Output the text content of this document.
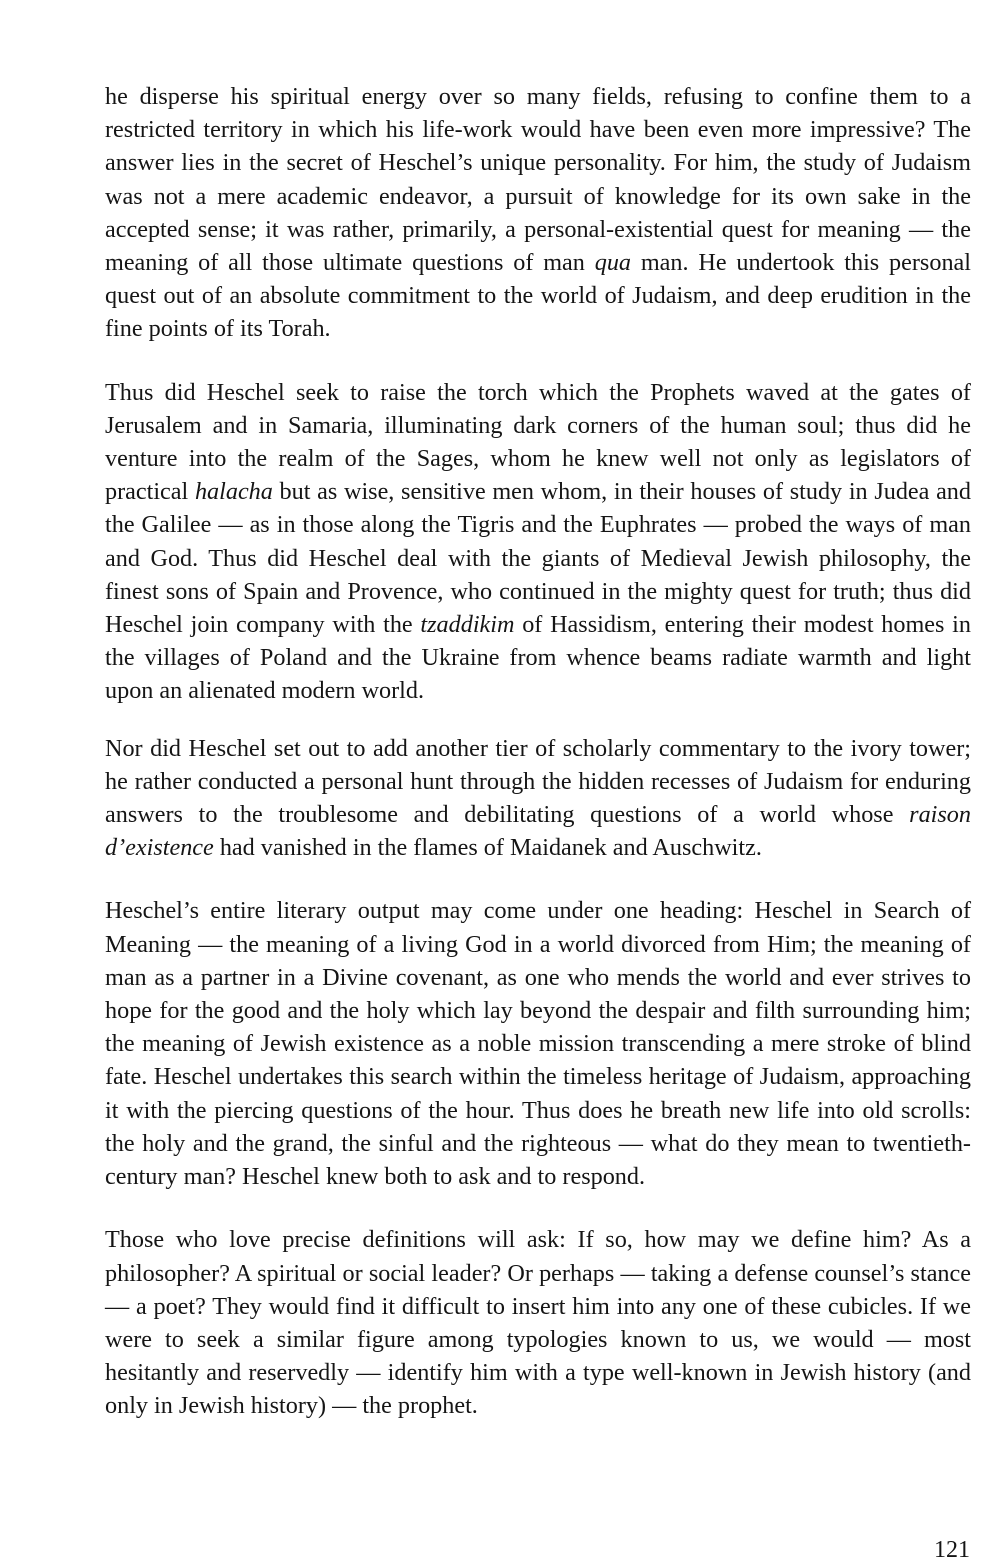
he disperse his spiritual energy over so many fields, refusing to confine them to a restricted territory in which his life-work would have been even more impressive? The answer lies in the secret of Heschel’s unique personality. For him, the study of Judaism was not a mere academic endeavor, a pursuit of knowledge for its own sake in the accepted sense; it was rather, primarily, a personal-existential quest for meaning — the meaning of all those ultimate questions of man qua man. He undertook this personal quest out of an absolute commitment to the world of Judaism, and deep erudition in the fine points of its Torah.

Thus did Heschel seek to raise the torch which the Prophets waved at the gates of Jerusalem and in Samaria, illuminating dark corners of the human soul; thus did he venture into the realm of the Sages, whom he knew well not only as legislators of practical halacha but as wise, sensitive men whom, in their houses of study in Judea and the Galilee — as in those along the Tigris and the Euphrates — probed the ways of man and God. Thus did Heschel deal with the giants of Medieval Jewish philosophy, the finest sons of Spain and Provence, who continued in the mighty quest for truth; thus did Heschel join company with the tzaddikim of Hassidism, entering their modest homes in the villages of Poland and the Ukraine from whence beams radiate warmth and light upon an alienated modern world.

Nor did Heschel set out to add another tier of scholarly commentary to the ivory tower; he rather conducted a personal hunt through the hidden recesses of Judaism for enduring answers to the troublesome and debilitating questions of a world whose raison d’existence had vanished in the flames of Maidanek and Auschwitz.

Heschel’s entire literary output may come under one heading: Heschel in Search of Meaning — the meaning of a living God in a world divorced from Him; the meaning of man as a partner in a Divine covenant, as one who mends the world and ever strives to hope for the good and the holy which lay beyond the despair and filth surrounding him; the meaning of Jewish existence as a noble mission transcending a mere stroke of blind fate. Heschel undertakes this search within the timeless heritage of Judaism, approaching it with the piercing questions of the hour. Thus does he breath new life into old scrolls: the holy and the grand, the sinful and the righteous — what do they mean to twentieth-century man? Heschel knew both to ask and to respond.

Those who love precise definitions will ask: If so, how may we define him? As a philosopher? A spiritual or social leader? Or perhaps — taking a defense counsel’s stance — a poet? They would find it difficult to insert him into any one of these cubicles. If we were to seek a similar figure among typologies known to us, we would — most hesitantly and reservedly — identify him with a type well-known in Jewish history (and only in Jewish history) — the prophet.

121
